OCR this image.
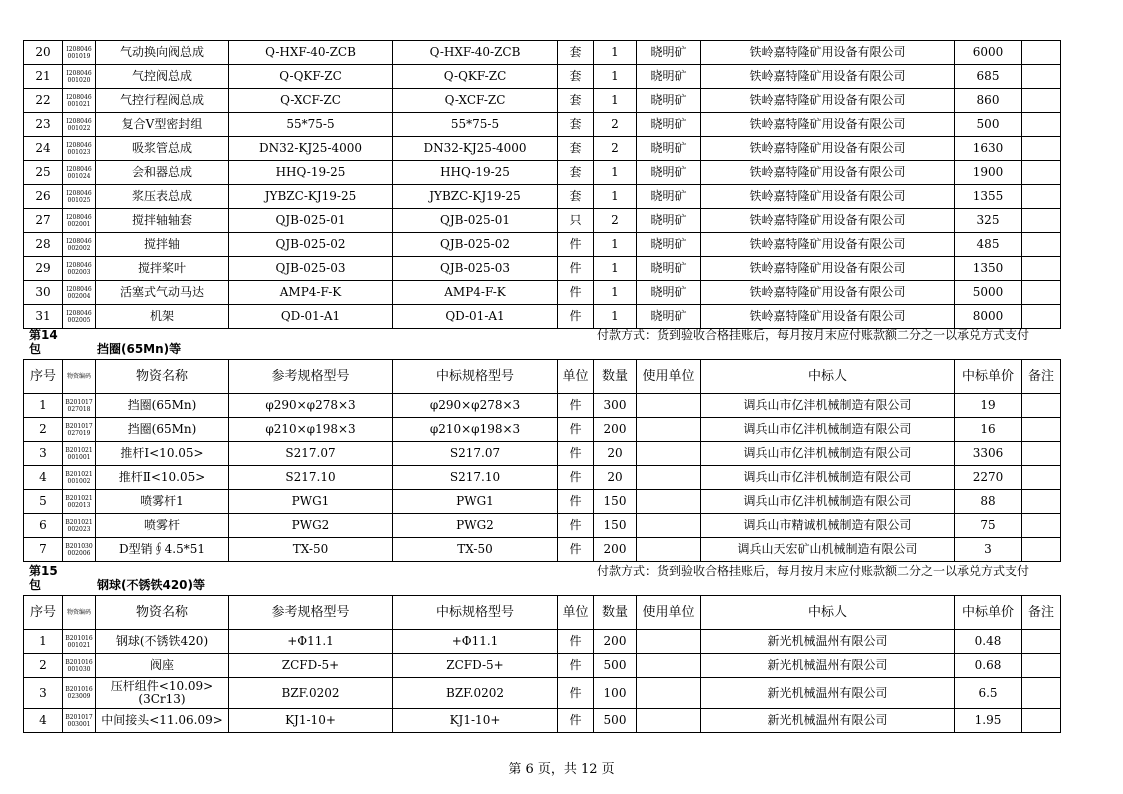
20	I208046 001019	气动换向阀总成	Q-HXF-40-ZCB	Q-HXF-40-ZCB	套	1	晓明矿	铁岭嘉特隆矿用设备有限公司	6000	
21	I208046 001020	气控阀总成	Q-QKF-ZC	Q-QKF-ZC	套	1	晓明矿	铁岭嘉特隆矿用设备有限公司	685	
22	I208046 001021	气控行程阀总成	Q-XCF-ZC	Q-XCF-ZC	套	1	晓明矿	铁岭嘉特隆矿用设备有限公司	860	
23	I208046 001022	复合V型密封组	55*75-5	55*75-5	套	2	晓明矿	铁岭嘉特隆矿用设备有限公司	500	
24	I208046 001023	吸浆管总成	DN32-KJ25-4000	DN32-KJ25-4000	套	2	晓明矿	铁岭嘉特隆矿用设备有限公司	1630	
25	I208046 001024	会和器总成	HHQ-19-25	HHQ-19-25	套	1	晓明矿	铁岭嘉特隆矿用设备有限公司	1900	
26	I208046 001025	浆压表总成	JYBZC-KJ19-25	JYBZC-KJ19-25	套	1	晓明矿	铁岭嘉特隆矿用设备有限公司	1355	
27	I208046 002001	搅拌轴轴套	QJB-025-01	QJB-025-01	只	2	晓明矿	铁岭嘉特隆矿用设备有限公司	325	
28	I208046 002002	搅拌轴	QJB-025-02	QJB-025-02	件	1	晓明矿	铁岭嘉特隆矿用设备有限公司	485	
29	I208046 002003	搅拌桨叶	QJB-025-03	QJB-025-03	件	1	晓明矿	铁岭嘉特隆矿用设备有限公司	1350	
30	I208046 002004	活塞式气动马达	AMP4-F-K	AMP4-F-K	件	1	晓明矿	铁岭嘉特隆矿用设备有限公司	5000	
31	I208046 002005	机架	QD-01-A1	QD-01-A1	件	1	晓明矿	铁岭嘉特隆矿用设备有限公司	8000	
第14
包	挡圈(65Mn)等
付款方式：货到验收合格挂账后，每月按月末应付账款额二分之一以承兑方式支付
序号	物资编码	物资名称	参考规格型号	中标规格型号	单位	数量	使用单位	中标人	中标单价	备注
1	B201017 027018	挡圈(65Mn)	φ290×φ278×3	φ290×φ278×3	件	300		调兵山市亿沣机械制造有限公司	19	
2	B201017 027019	挡圈(65Mn)	φ210×φ198×3	φ210×φ198×3	件	200		调兵山市亿沣机械制造有限公司	16	
3	B201021 001001	推杆Ⅰ<10.05>	S217.07	S217.07	件	20		调兵山市亿沣机械制造有限公司	3306	
4	B201021 001002	推杆Ⅱ<10.05>	S217.10	S217.10	件	20		调兵山市亿沣机械制造有限公司	2270	
5	B201021 002013	喷雾杆1	PWG1	PWG1	件	150		调兵山市亿沣机械制造有限公司	88	
6	B201021 002023	喷雾杆	PWG2	PWG2	件	150		调兵山市精诚机械制造有限公司	75	
7	B201030 002006	D型销∮4.5*51	TX-50	TX-50	件	200		调兵山天宏矿山机械制造有限公司	3	
第15
包	钢球(不锈铁420)等
付款方式：货到验收合格挂账后，每月按月末应付账款额二分之一以承兑方式支付
序号	物资编码	物资名称	参考规格型号	中标规格型号	单位	数量	使用单位	中标人	中标单价	备注
1	B201016 001021	钢球(不锈铁420)	+Φ11.1	+Φ11.1	件	200		新光机械温州有限公司	0.48	
2	B201016 001030	阀座	ZCFD-5+	ZCFD-5+	件	500		新光机械温州有限公司	0.68	
3	B201016 023009	压杆组件<10.09>(3Cr13)	BZF.0202	BZF.0202	件	100		新光机械温州有限公司	6.5	
4	B201017 003001	中间接头<11.06.09>	KJ1-10+	KJ1-10+	件	500		新光机械温州有限公司	1.95	
第 6 页，共 12 页
